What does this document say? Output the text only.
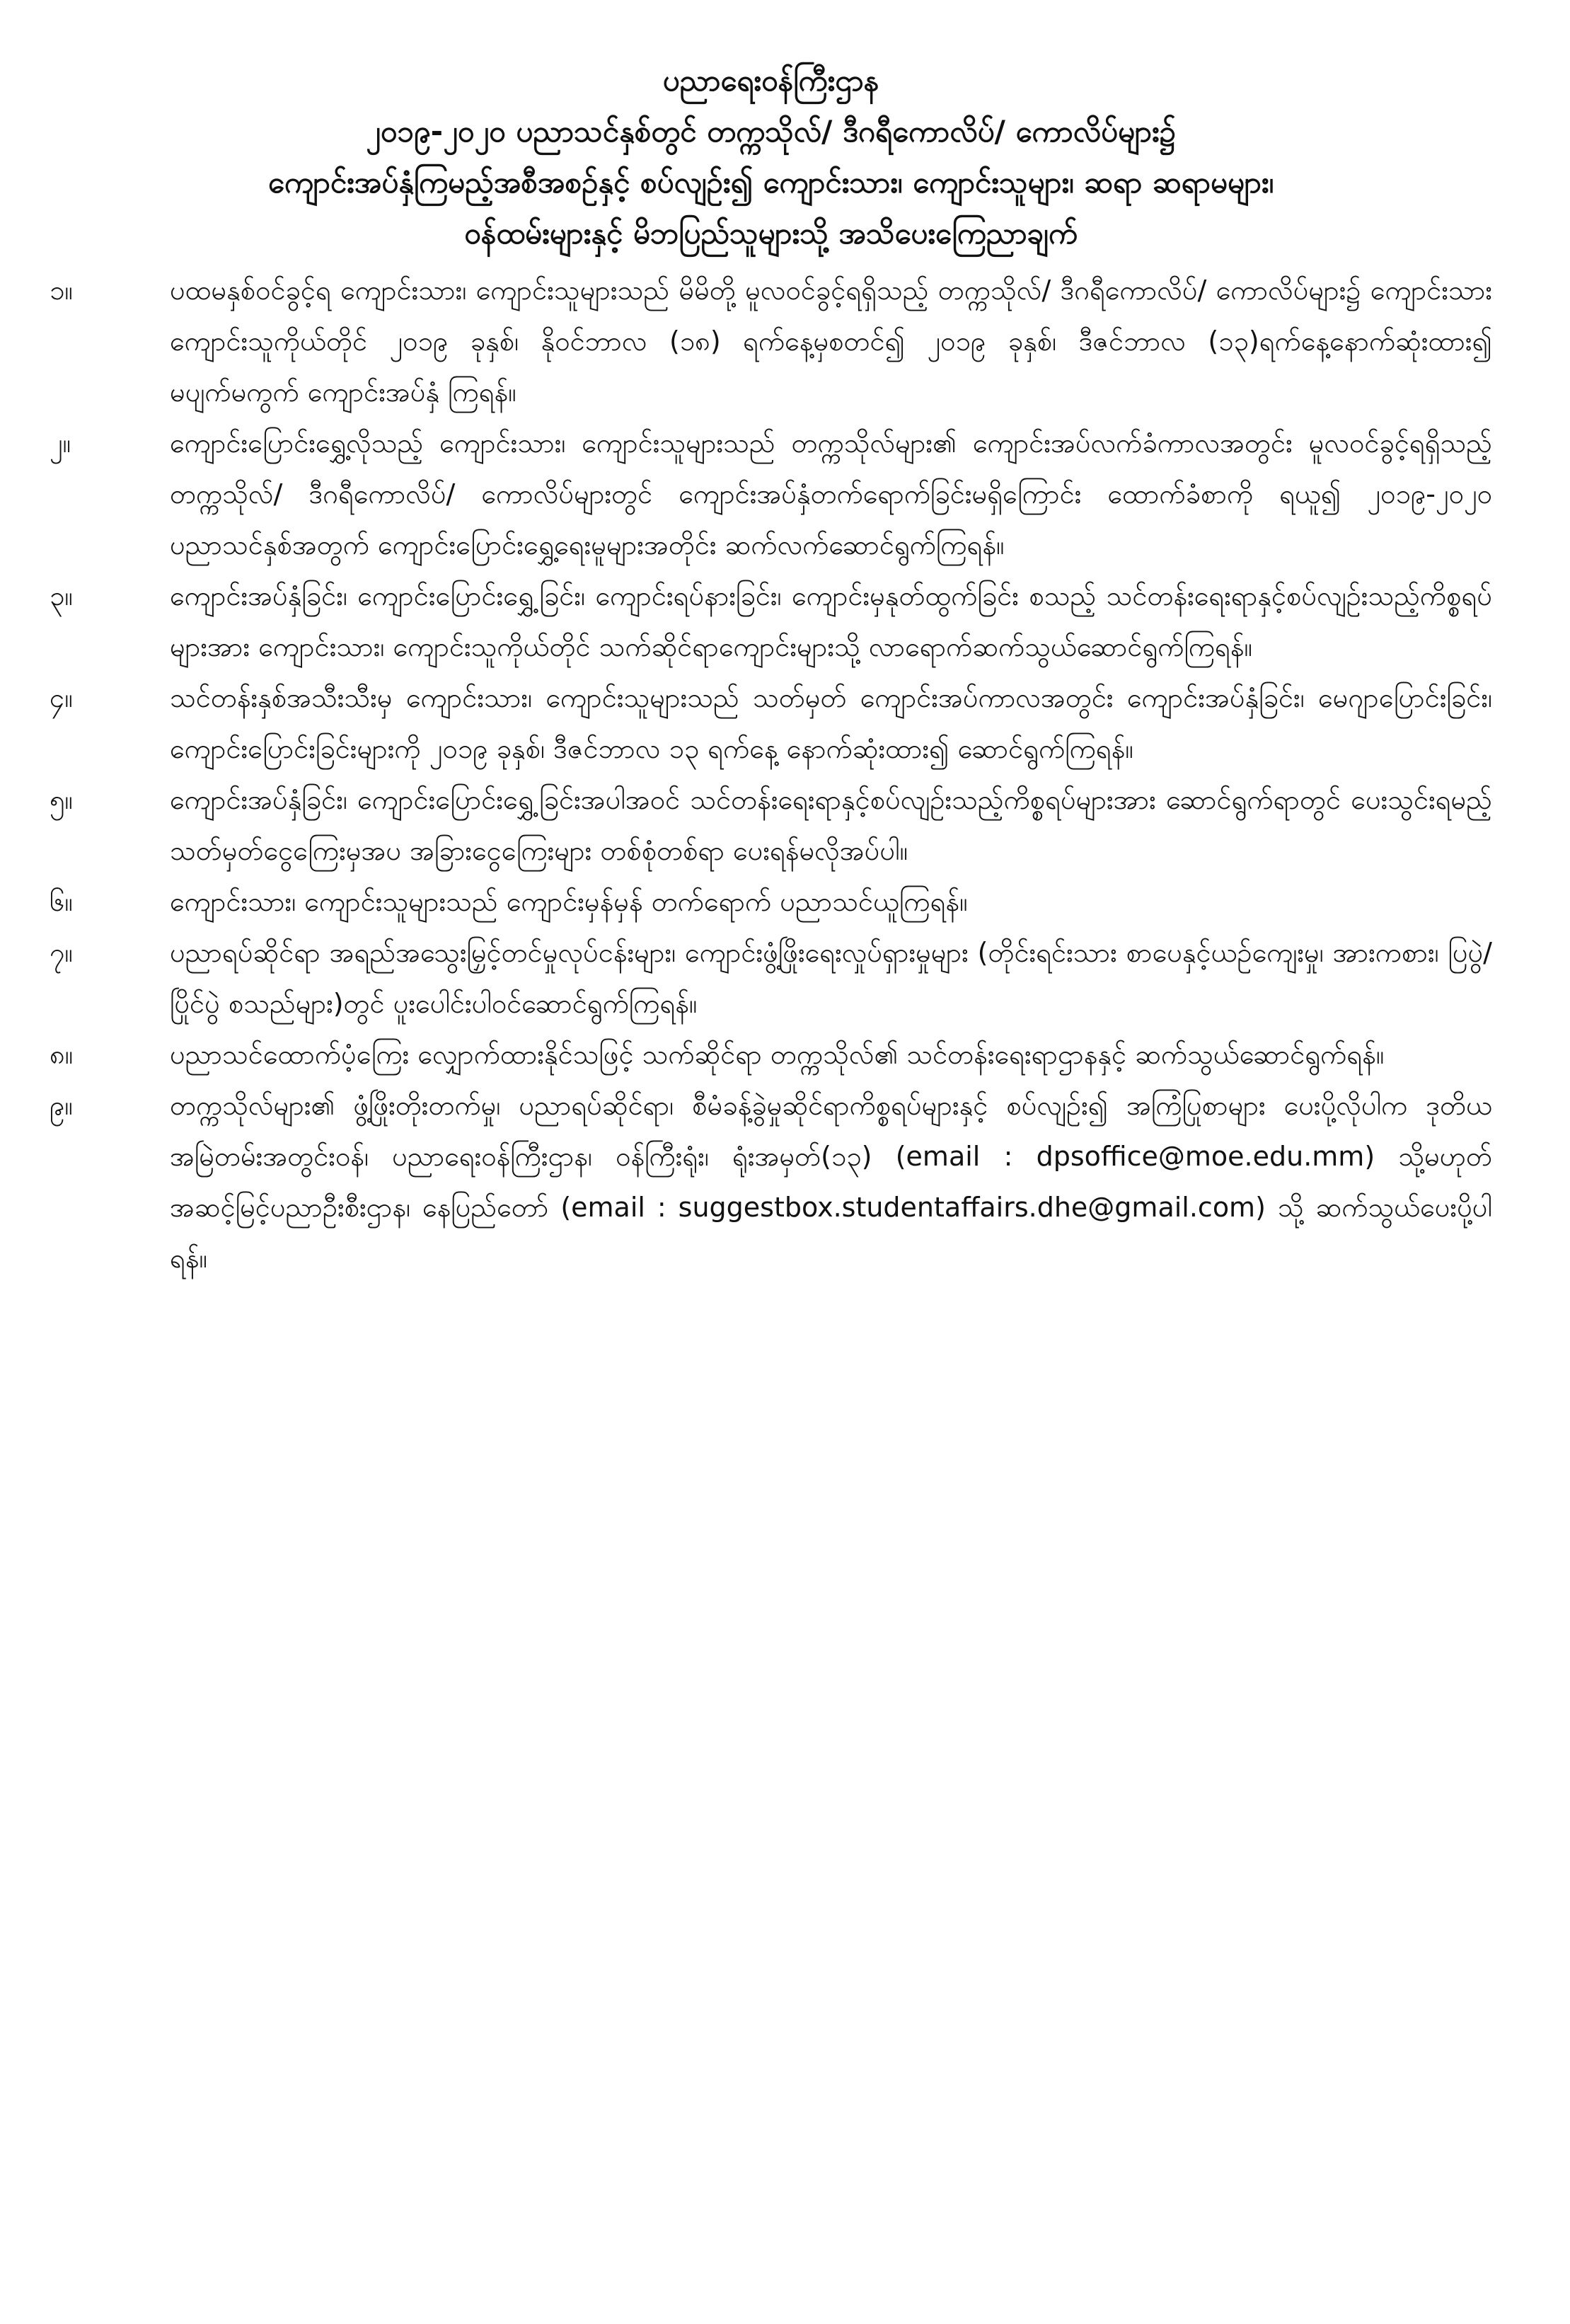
ပညာရေးဝန်ကြီးဌာန
၂၀၁၉-၂၀၂၀ ပညာသင်နှစ်တွင် တက္ကသိုလ်/ ဒီဂရီကောလိပ်/ ကောလိပ်များ၌
ကျောင်းအပ်နှံကြမည့်အစီအစဉ်နှင့် စပ်လျဉ်း၍ ကျောင်းသား၊ ကျောင်းသူများ၊ ဆရာ ဆရာမများ၊
ဝန်ထမ်းများနှင့် မိဘပြည်သူများသို့ အသိပေးကြေညာချက်
၁။	ပထမနှစ်ဝင်ခွင့်ရ ကျောင်းသား၊ ကျောင်းသူများသည် မိမိတို့ မူလဝင်ခွင့်ရရှိသည့် တက္ကသိုလ်/ ဒီဂရီကောလိပ်/ ကောလိပ်များ၌ ကျောင်းသား ကျောင်းသူကိုယ်တိုင် ၂၀၁၉ ခုနှစ်၊ နိုဝင်ဘာလ (၁၈) ရက်နေ့မှစတင်၍ ၂၀၁၉ ခုနှစ်၊ ဒီဇင်ဘာလ (၁၃)ရက်နေ့နောက်ဆုံးထား၍ မပျက်မကွက် ကျောင်းအပ်နှံ ကြရန်။
၂။	ကျောင်းပြောင်းရွှေ့လိုသည့် ကျောင်းသား၊ ကျောင်းသူများသည် တက္ကသိုလ်များ၏ ကျောင်းအပ်လက်ခံကာလအတွင်း မူလဝင်ခွင့်ရရှိသည့် တက္ကသိုလ်/ ဒီဂရီကောလိပ်/ ကောလိပ်များတွင် ကျောင်းအပ်နှံတက်ရောက်ခြင်းမရှိကြောင်း ထောက်ခံစာကို ရယူ၍ ၂၀၁၉-၂၀၂၀ ပညာသင်နှစ်အတွက် ကျောင်းပြောင်းရွှေ့ရေးမူများအတိုင်း ဆက်လက်ဆောင်ရွက်ကြရန်။
၃။	ကျောင်းအပ်နှံခြင်း၊ ကျောင်းပြောင်းရွှေ့ခြင်း၊ ကျောင်းရပ်နားခြင်း၊ ကျောင်းမှနုတ်ထွက်ခြင်း စသည့် သင်တန်းရေးရာနှင့်စပ်လျဉ်းသည့်ကိစ္စရပ်များအား ကျောင်းသား၊ ကျောင်းသူကိုယ်တိုင် သက်ဆိုင်ရာကျောင်းများသို့ လာရောက်ဆက်သွယ်ဆောင်ရွက်ကြရန်။
၄။	သင်တန်းနှစ်အသီးသီးမှ ကျောင်းသား၊ ကျောင်းသူများသည် သတ်မှတ် ကျောင်းအပ်ကာလအတွင်း ကျောင်းအပ်နှံခြင်း၊ မေဂျာပြောင်းခြင်း၊ ကျောင်းပြောင်းခြင်းများကို ၂၀၁၉ ခုနှစ်၊ ဒီဇင်ဘာလ ၁၃ ရက်နေ့ နောက်ဆုံးထား၍ ဆောင်ရွက်ကြရန်။
၅။	ကျောင်းအပ်နှံခြင်း၊ ကျောင်းပြောင်းရွှေ့ခြင်းအပါအဝင် သင်တန်းရေးရာနှင့်စပ်လျဉ်းသည့်ကိစ္စရပ်များအား ဆောင်ရွက်ရာတွင် ပေးသွင်းရမည့် သတ်မှတ်ငွေကြေးမှအပ အခြားငွေကြေးများ တစ်စုံတစ်ရာ ပေးရန်မလိုအပ်ပါ။
၆။	ကျောင်းသား၊ ကျောင်းသူများသည် ကျောင်းမှန်မှန် တက်ရောက် ပညာသင်ယူကြရန်။
၇။	ပညာရပ်ဆိုင်ရာ အရည်အသွေးမြှင့်တင်မှုလုပ်ငန်းများ၊ ကျောင်းဖွံ့ဖြိုးရေးလှုပ်ရှားမှုများ (တိုင်းရင်းသား စာပေနှင့်ယဉ်ကျေးမှု၊ အားကစား၊ ပြပွဲ/ပြိုင်ပွဲ စသည်များ)တွင် ပူးပေါင်းပါဝင်ဆောင်ရွက်ကြရန်။
၈။	ပညာသင်ထောက်ပံ့ကြေး လျှောက်ထားနိုင်သဖြင့် သက်ဆိုင်ရာ တက္ကသိုလ်၏ သင်တန်းရေးရာဌာနနှင့် ဆက်သွယ်ဆောင်ရွက်ရန်။
၉။	တက္ကသိုလ်များ၏ ဖွံ့ဖြိုးတိုးတက်မှု၊ ပညာရပ်ဆိုင်ရာ၊ စီမံခန့်ခွဲမှုဆိုင်ရာကိစ္စရပ်များနှင့် စပ်လျဉ်း၍ အကြံပြုစာများ ပေးပို့လိုပါက ဒုတိယအမြဲတမ်းအတွင်းဝန်၊ ပညာရေးဝန်ကြီးဌာန၊ ဝန်ကြီးရုံး၊ ရုံးအမှတ်(၁၃) (email : dpsoffice@moe.edu.mm) သို့မဟုတ် အဆင့်မြင့်ပညာဦးစီးဌာန၊ နေပြည်တော် (email : suggestbox.studentaffairs.dhe@gmail.com) သို့ ဆက်သွယ်ပေးပို့ပါရန်။
